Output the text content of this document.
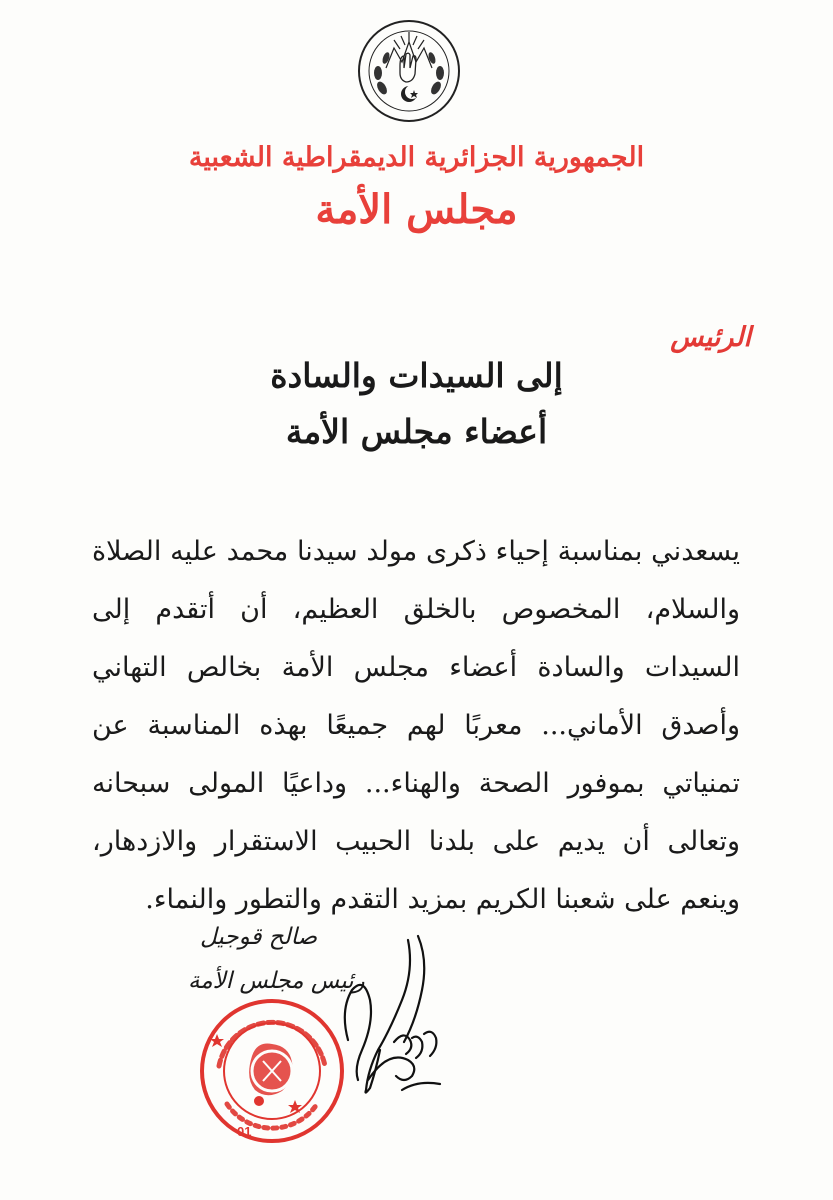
الجمهورية الجزائرية الديمقراطية الشعبية
مجلس الأمة
الرئيس
إلى السيدات والسادة
أعضاء مجلس الأمة
يسعدني بمناسبة إحياء ذكرى مولد سيدنا محمد عليه الصلاة والسلام، المخصوص بالخلق العظيم، أن أتقدم إلى السيدات والسادة أعضاء مجلس الأمة بخالص التهاني وأصدق الأماني... معربًا لهم جميعًا بهذه المناسبة عن تمنياتي بموفور الصحة والهناء... وداعيًا المولى سبحانه وتعالى أن يديم على بلدنا الحبيب الاستقرار والازدهار، وينعم على شعبنا الكريم بمزيد التقدم والتطور والنماء.
صالح قوجيل
رئيس مجلس الأمة
01
